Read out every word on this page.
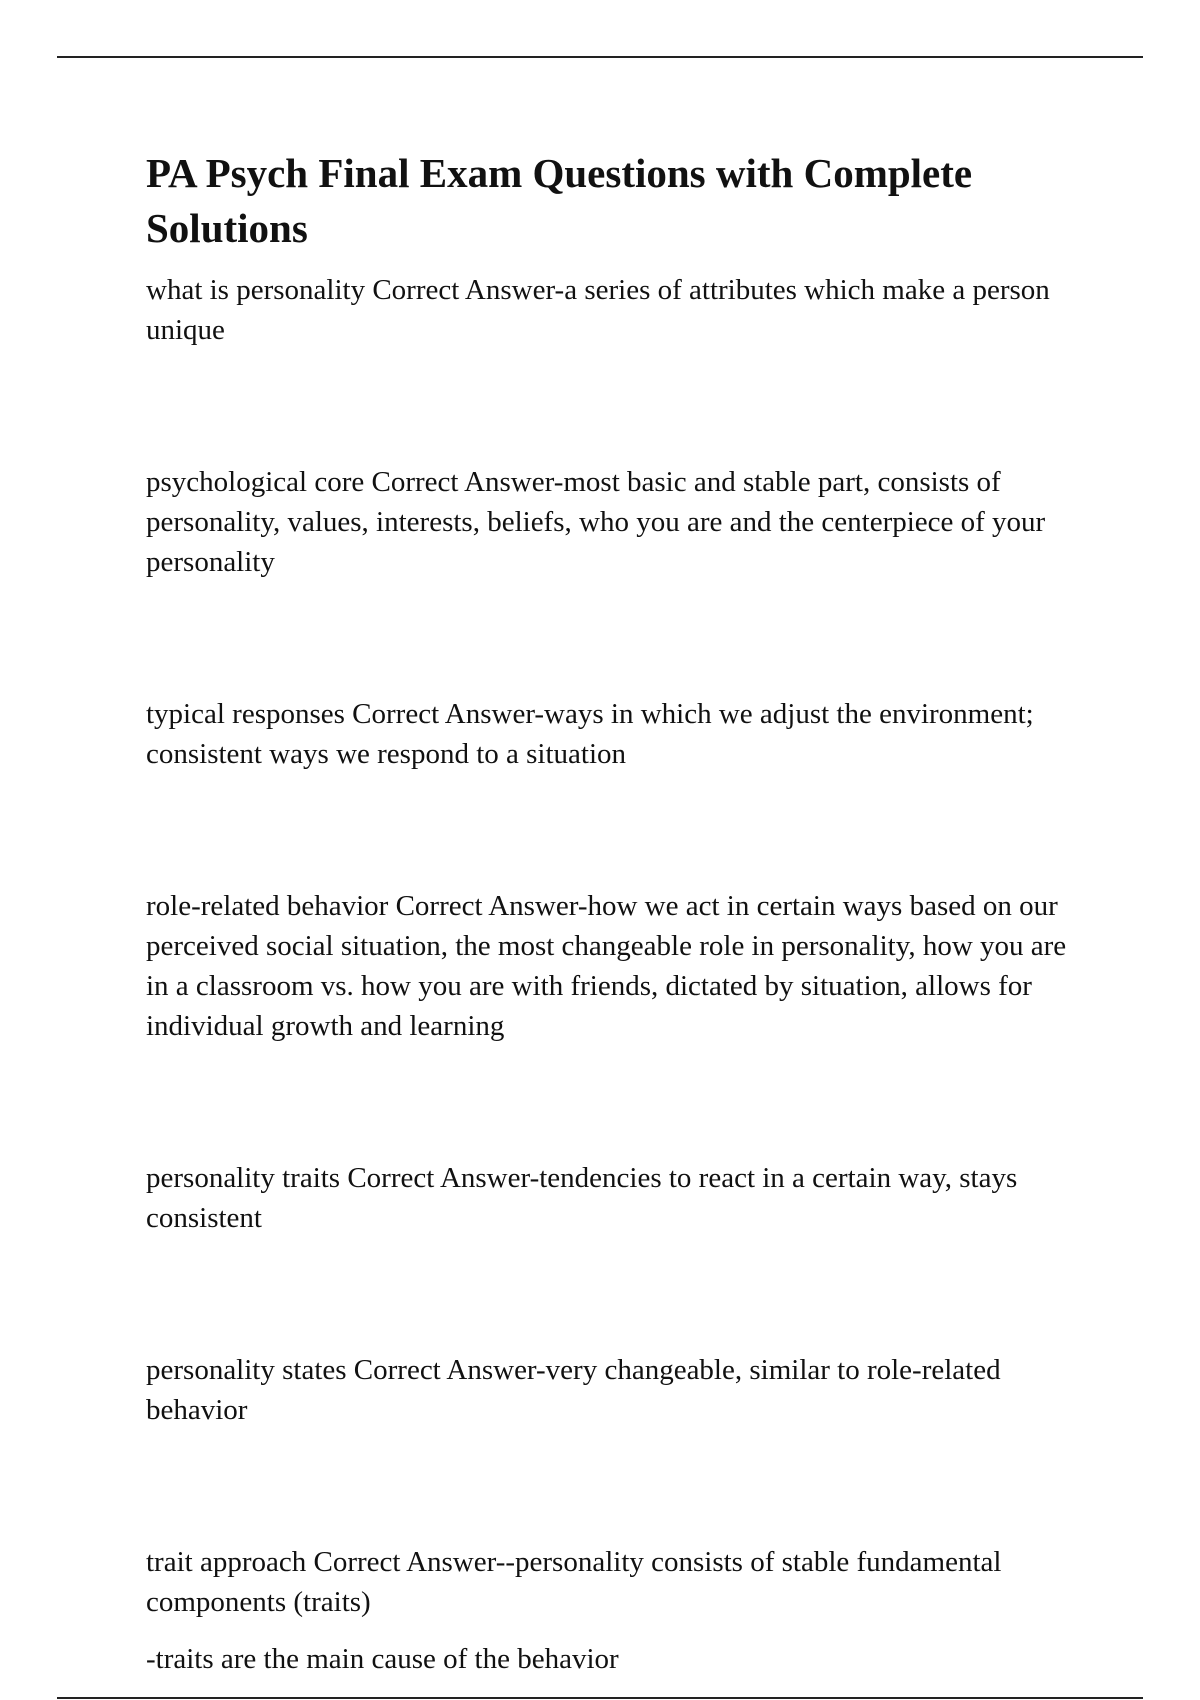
PA Psych Final Exam Questions with Complete Solutions

what is personality Correct Answer-a series of attributes which make a person unique

psychological core Correct Answer-most basic and stable part, consists of personality, values, interests, beliefs, who you are and the centerpiece of your personality

typical responses Correct Answer-ways in which we adjust the environment; consistent ways we respond to a situation

role-related behavior Correct Answer-how we act in certain ways based on our perceived social situation, the most changeable role in personality, how you are in a classroom vs. how you are with friends, dictated by situation, allows for individual growth and learning

personality traits Correct Answer-tendencies to react in a certain way, stays consistent

personality states Correct Answer-very changeable, similar to role-related behavior

trait approach Correct Answer--personality consists of stable fundamental components (traits)

-traits are the main cause of the behavior
